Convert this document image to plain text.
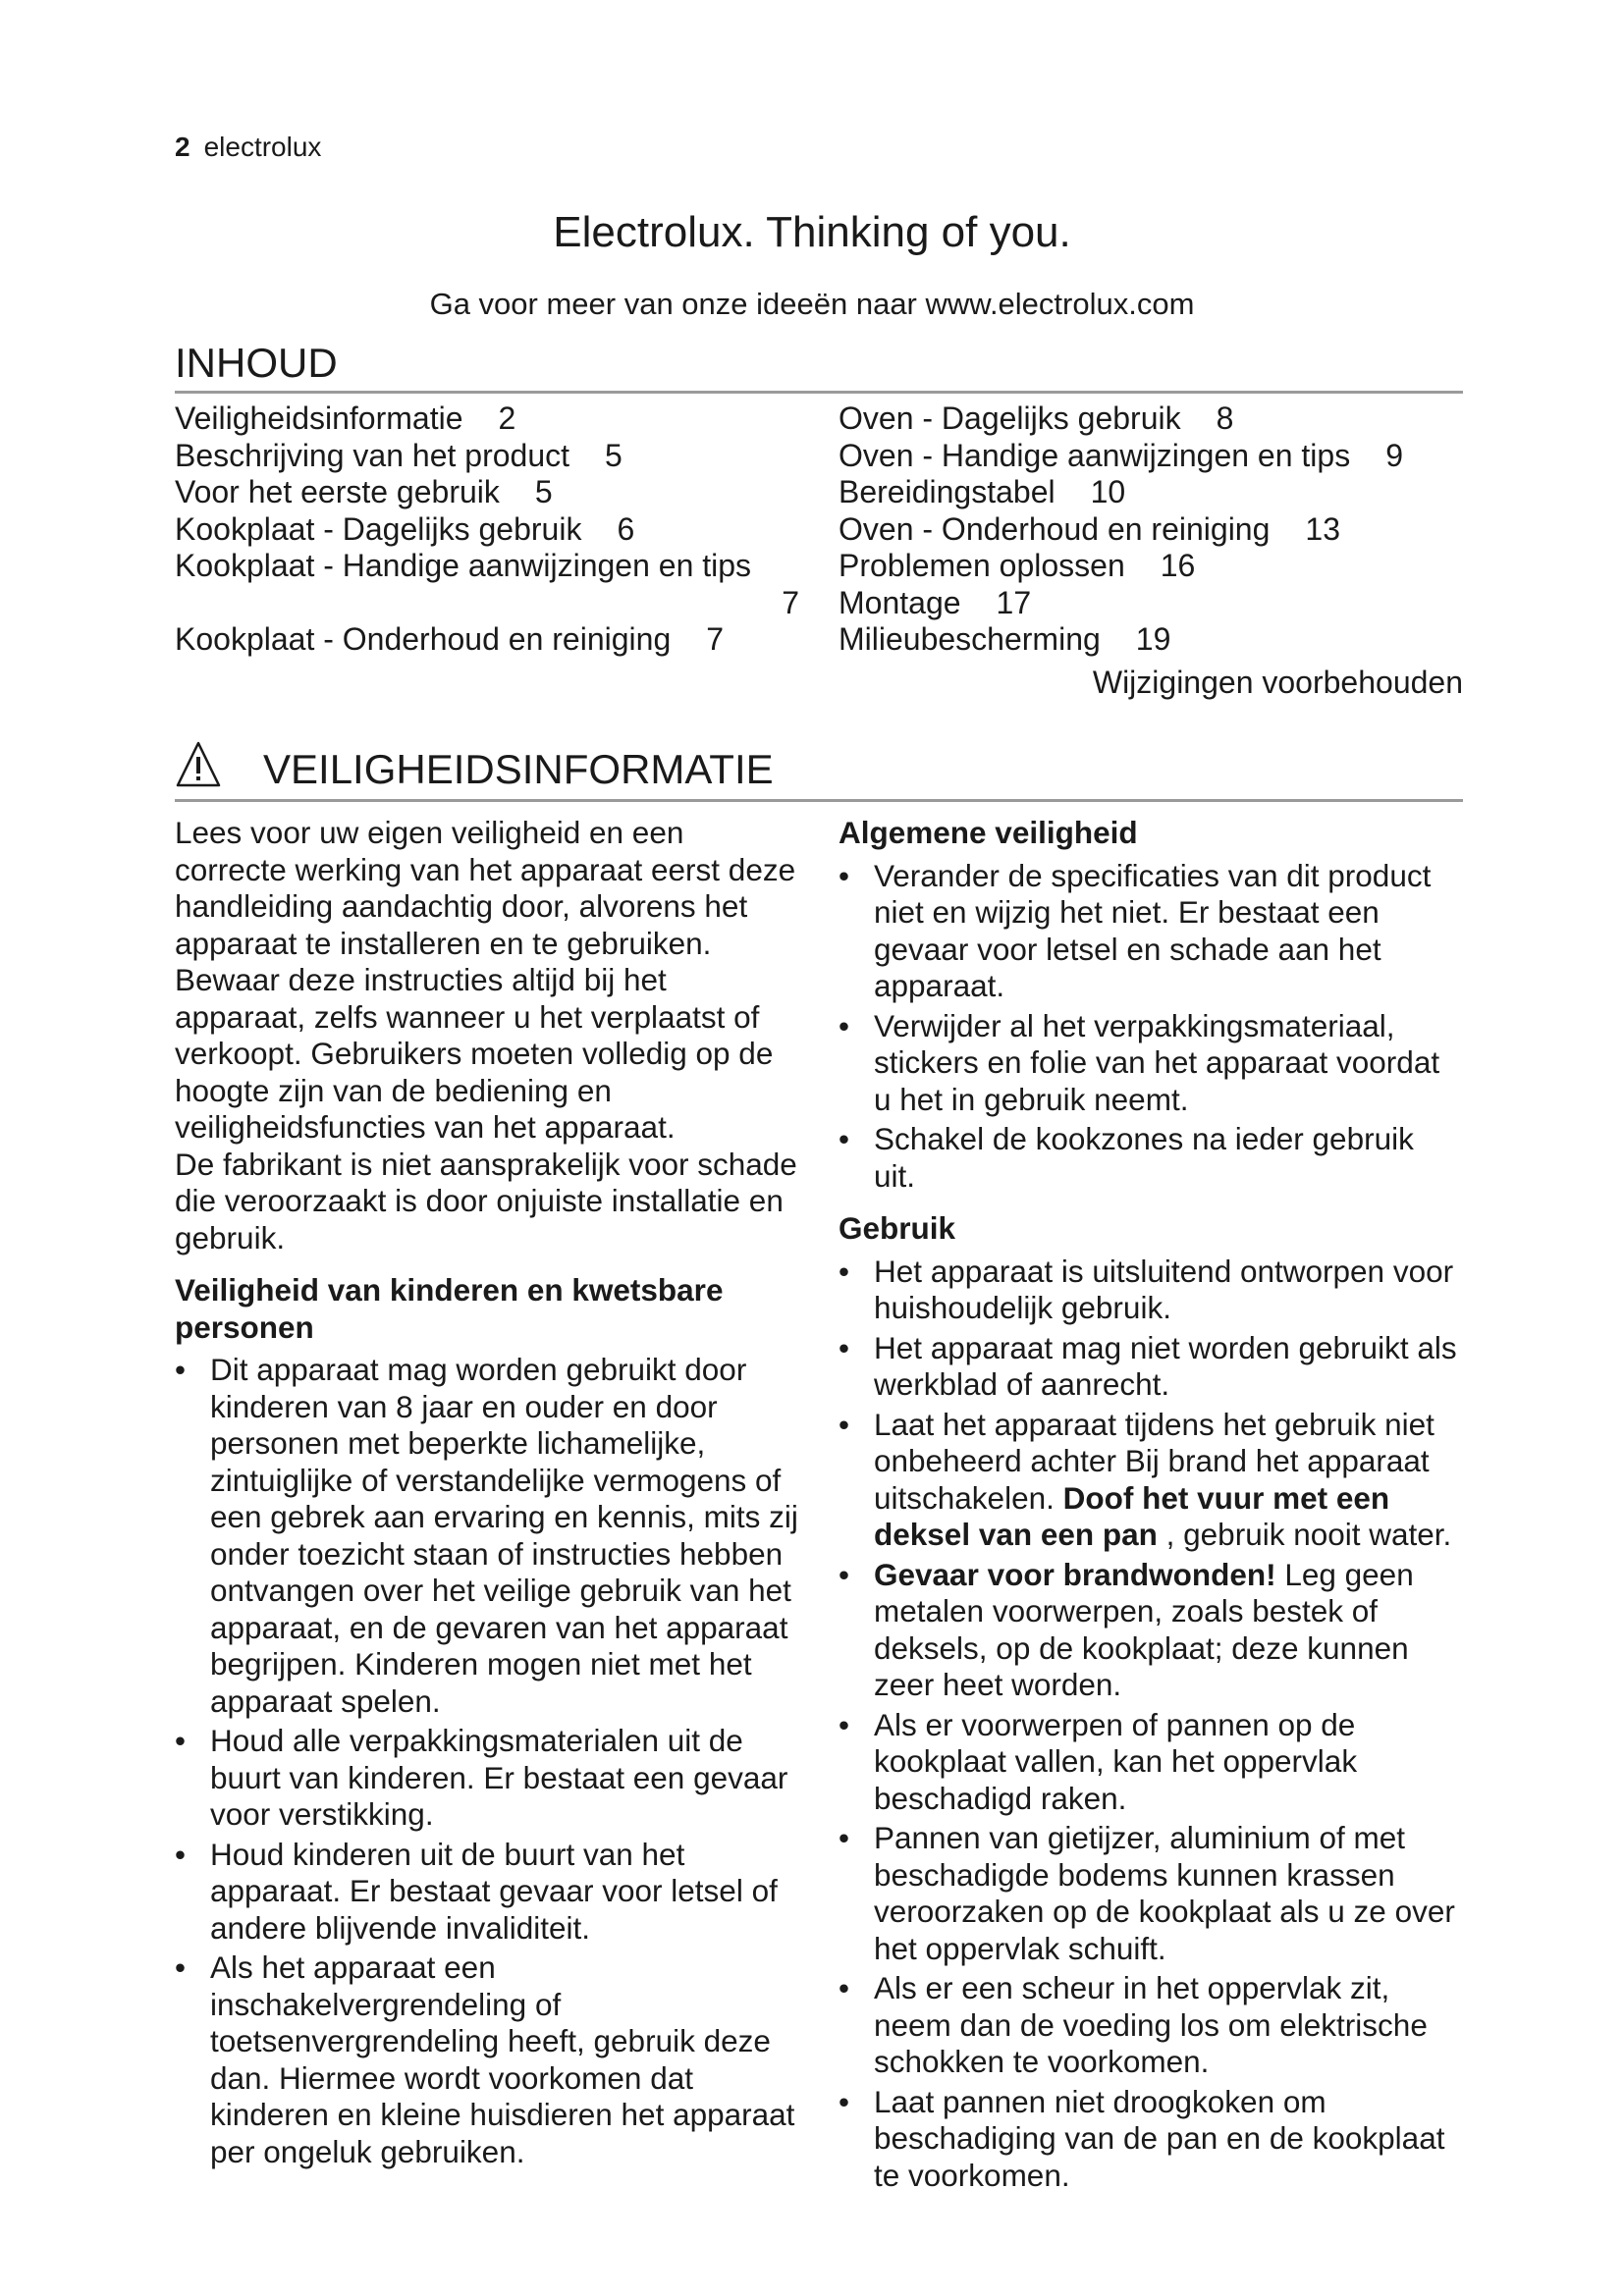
2 electrolux
Electrolux. Thinking of you.
Ga voor meer van onze ideeën naar www.electrolux.com
INHOUD
Veiligheidsinformatie 2
Beschrijving van het product 5
Voor het eerste gebruik 5
Kookplaat - Dagelijks gebruik 6
Kookplaat - Handige aanwijzingen en tips
7
Kookplaat - Onderhoud en reiniging 7
Oven - Dagelijks gebruik 8
Oven - Handige aanwijzingen en tips 9
Bereidingstabel 10
Oven - Onderhoud en reiniging 13
Problemen oplossen 16
Montage 17
Milieubescherming 19
Wijzigingen voorbehouden
VEILIGHEIDSINFORMATIE

Lees voor uw eigen veiligheid en een correcte werking van het apparaat eerst deze handleiding aandachtig door, alvorens het apparaat te installeren en te gebruiken. Bewaar deze instructies altijd bij het apparaat, zelfs wanneer u het verplaatst of verkoopt. Gebruikers moeten volledig op de hoogte zijn van de bediening en veiligheidsfuncties van het apparaat.

De fabrikant is niet aansprakelijk voor schade die veroorzaakt is door onjuiste installatie en gebruik.

Veiligheid van kinderen en kwetsbare personen
• Dit apparaat mag worden gebruikt door kinderen van 8 jaar en ouder en door personen met beperkte lichamelijke, zintuiglijke of verstandelijke vermogens of een gebrek aan ervaring en kennis, mits zij onder toezicht staan of instructies hebben ontvangen over het veilige gebruik van het apparaat, en de gevaren van het apparaat begrijpen. Kinderen mogen niet met het apparaat spelen.
• Houd alle verpakkingsmaterialen uit de buurt van kinderen. Er bestaat een gevaar voor verstikking.
• Houd kinderen uit de buurt van het apparaat. Er bestaat gevaar voor letsel of andere blijvende invaliditeit.
• Als het apparaat een inschakelvergrendeling of toetsenvergrendeling heeft, gebruik deze dan. Hiermee wordt voorkomen dat kinderen en kleine huisdieren het apparaat per ongeluk gebruiken.
Algemene veiligheid
• Verander de specificaties van dit product niet en wijzig het niet. Er bestaat een gevaar voor letsel en schade aan het apparaat.
• Verwijder al het verpakkingsmateriaal, stickers en folie van het apparaat voordat u het in gebruik neemt.
• Schakel de kookzones na ieder gebruik uit.
Gebruik
• Het apparaat is uitsluitend ontworpen voor huishoudelijk gebruik.
• Het apparaat mag niet worden gebruikt als werkblad of aanrecht.
• Laat het apparaat tijdens het gebruik niet onbeheerd achter Bij brand het apparaat uitschakelen. Doof het vuur met een deksel van een pan , gebruik nooit water.
• Gevaar voor brandwonden! Leg geen metalen voorwerpen, zoals bestek of deksels, op de kookplaat; deze kunnen zeer heet worden.
• Als er voorwerpen of pannen op de kookplaat vallen, kan het oppervlak beschadigd raken.
• Pannen van gietijzer, aluminium of met beschadigde bodems kunnen krassen veroorzaken op de kookplaat als u ze over het oppervlak schuift.
• Als er een scheur in het oppervlak zit, neem dan de voeding los om elektrische schokken te voorkomen.
• Laat pannen niet droogkoken om beschadiging van de pan en de kookplaat te voorkomen.
